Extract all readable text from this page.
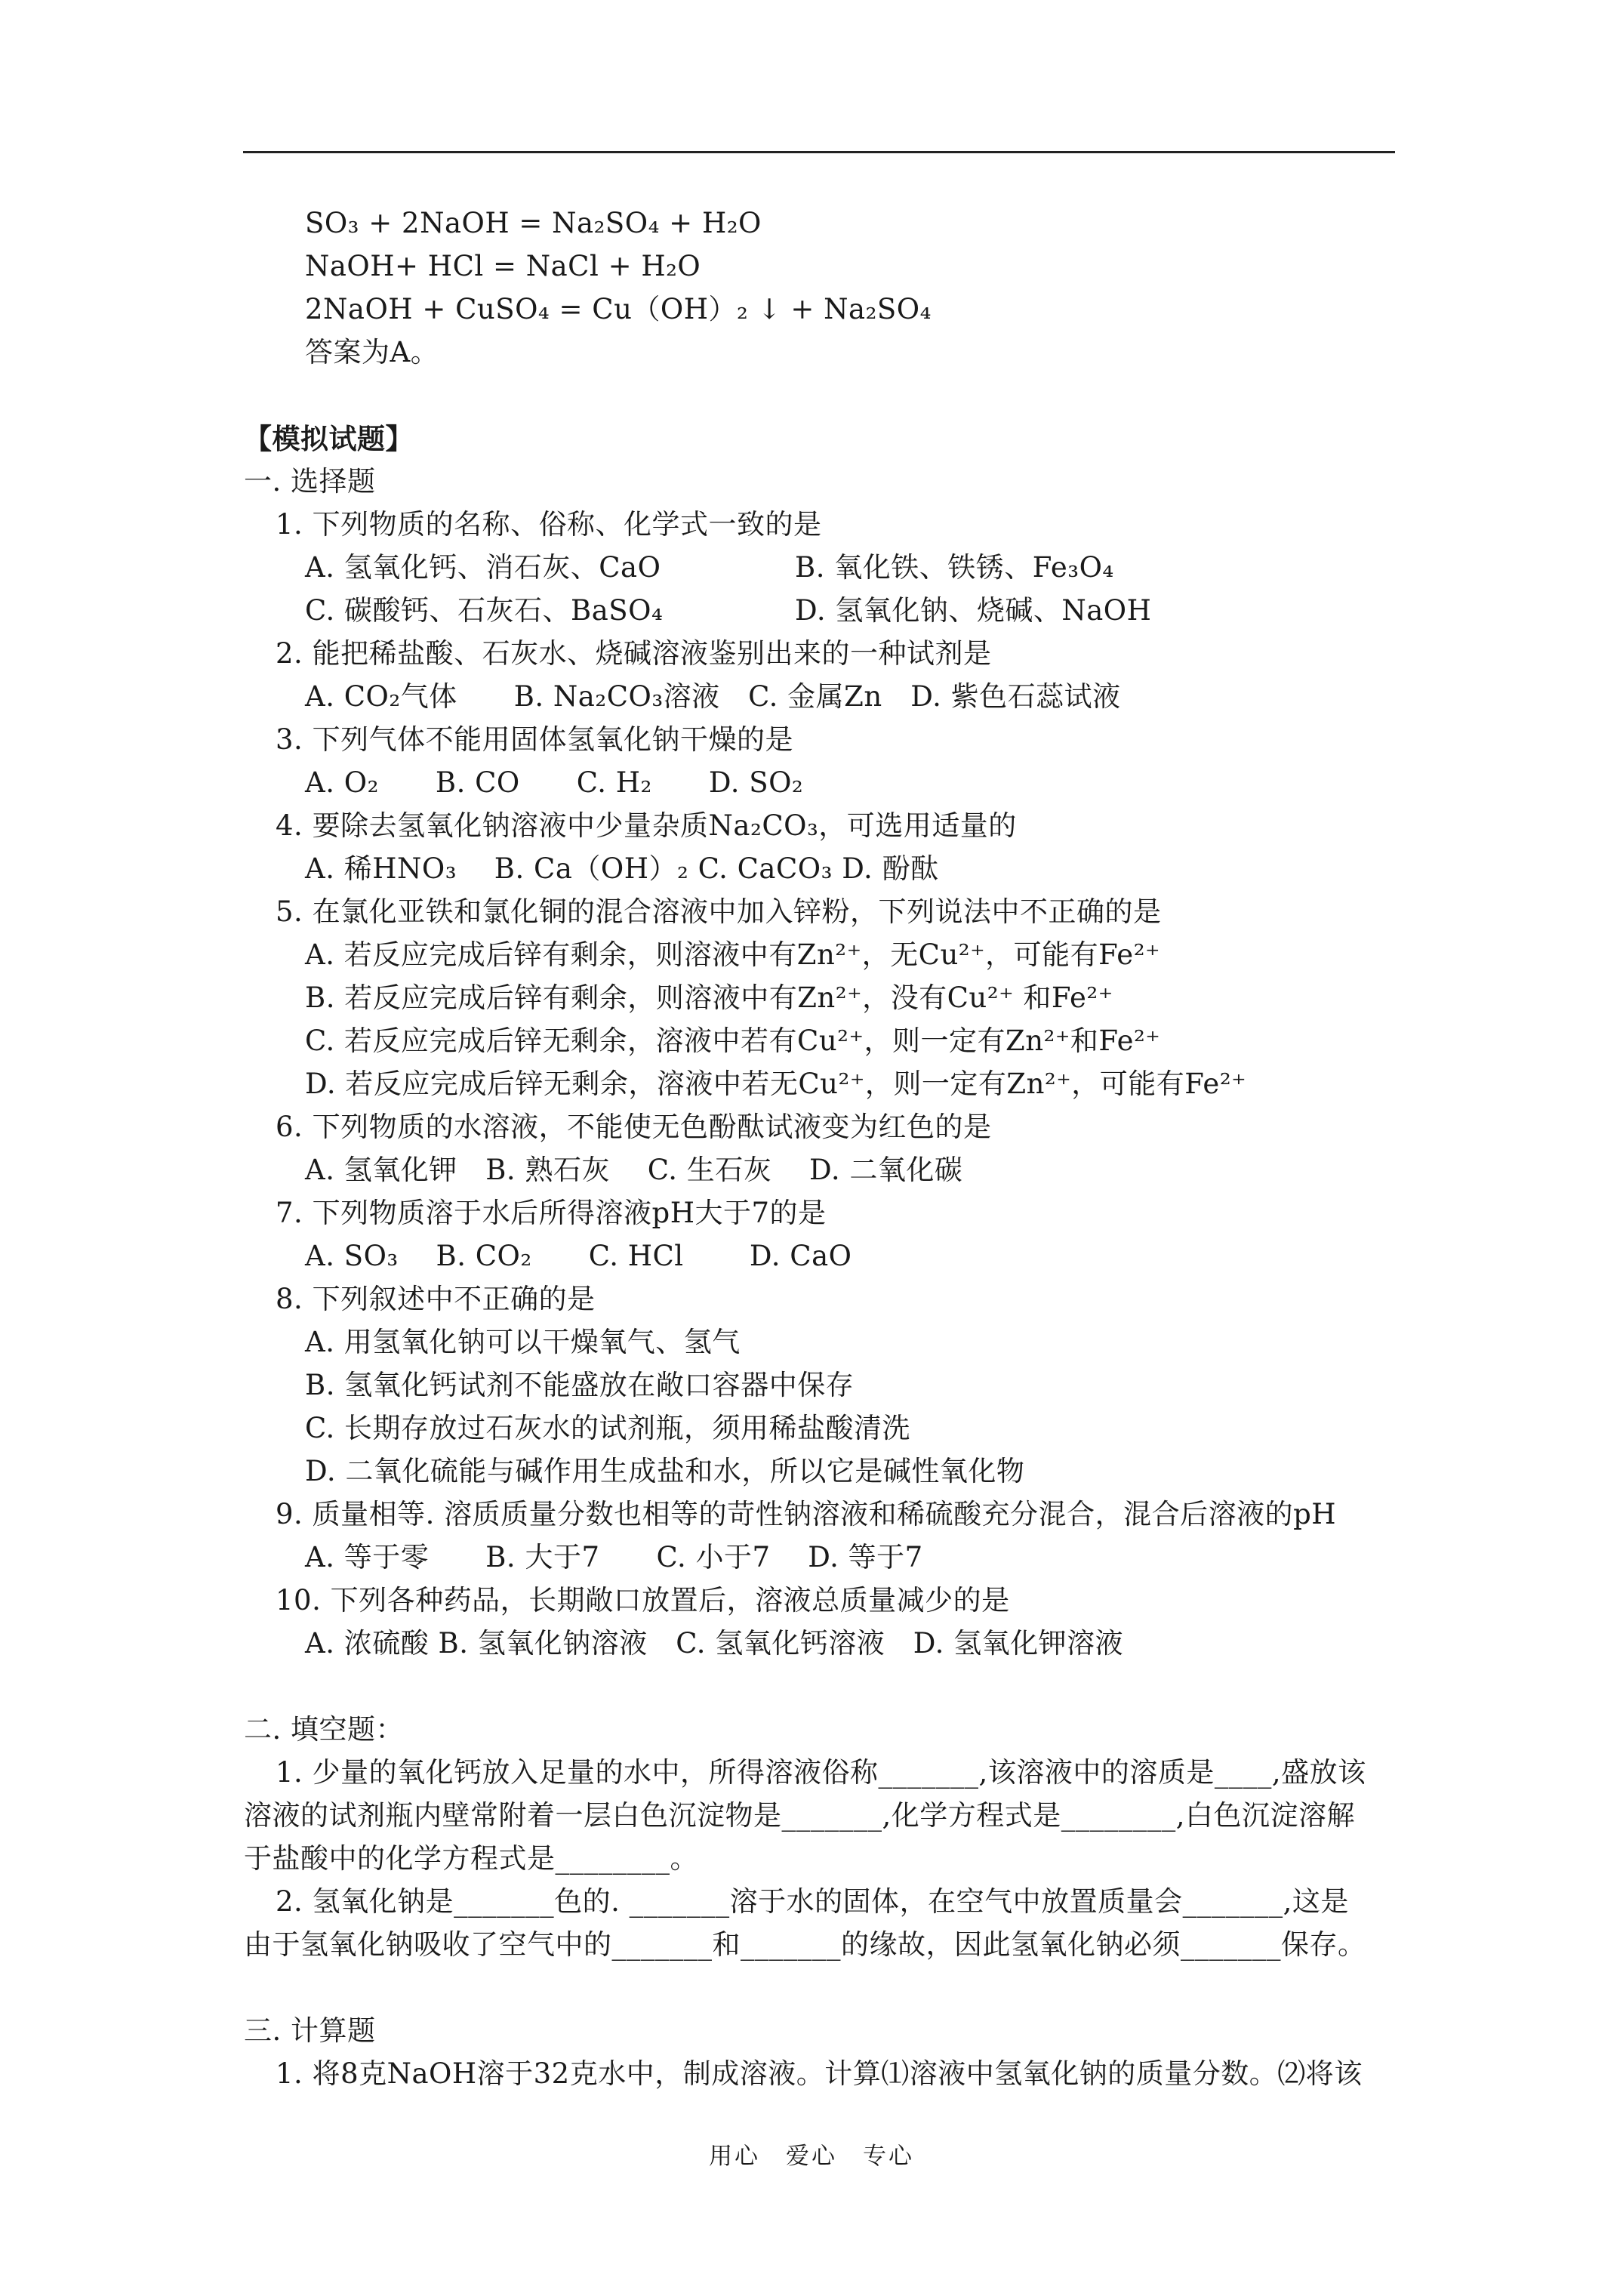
SO₃ + 2NaOH = Na₂SO₄ + H₂O
NaOH+ HCl = NaCl + H₂O
2NaOH + CuSO₄ = Cu（OH）₂ ↓ + Na₂SO₄
答案为A。
【模拟试题】
一. 选择题
1. 下列物质的名称、俗称、化学式一致的是
A. 氢氧化钙、消石灰、CaO	B. 氧化铁、铁锈、Fe₃O₄
C. 碳酸钙、石灰石、BaSO₄	D. 氢氧化钠、烧碱、NaOH
2. 能把稀盐酸、石灰水、烧碱溶液鉴别出来的一种试剂是
A. CO₂气体　　B. Na₂CO₃溶液　C. 金属Zn　D. 紫色石蕊试液
3. 下列气体不能用固体氢氧化钠干燥的是
A. O₂　　B. CO　　C. H₂　　D. SO₂
4. 要除去氢氧化钠溶液中少量杂质Na₂CO₃，可选用适量的
A. 稀HNO₃　 B. Ca（OH）₂ C. CaCO₃ D. 酚酞
5. 在氯化亚铁和氯化铜的混合溶液中加入锌粉，下列说法中不正确的是
A. 若反应完成后锌有剩余，则溶液中有Zn²⁺，无Cu²⁺，可能有Fe²⁺
B. 若反应完成后锌有剩余，则溶液中有Zn²⁺，没有Cu²⁺ 和Fe²⁺
C. 若反应完成后锌无剩余，溶液中若有Cu²⁺，则一定有Zn²⁺和Fe²⁺
D. 若反应完成后锌无剩余，溶液中若无Cu²⁺，则一定有Zn²⁺，可能有Fe²⁺
6. 下列物质的水溶液，不能使无色酚酞试液变为红色的是
A. 氢氧化钾　B. 熟石灰　 C. 生石灰　 D. 二氧化碳
7. 下列物质溶于水后所得溶液pH大于7的是
A. SO₃　 B. CO₂　　C. HCl　　 D. CaO
8. 下列叙述中不正确的是
A. 用氢氧化钠可以干燥氧气、氢气
B. 氢氧化钙试剂不能盛放在敞口容器中保存
C. 长期存放过石灰水的试剂瓶，须用稀盐酸清洗
D. 二氧化硫能与碱作用生成盐和水，所以它是碱性氧化物
9. 质量相等. 溶质质量分数也相等的苛性钠溶液和稀硫酸充分混合，混合后溶液的pH
A. 等于零　　B. 大于7　　C. 小于7　 D. 等于7
10. 下列各种药品，长期敞口放置后，溶液总质量减少的是
A. 浓硫酸 B. 氢氧化钠溶液　C. 氢氧化钙溶液　D. 氢氧化钾溶液
二. 填空题：
1. 少量的氧化钙放入足量的水中，所得溶液俗称_______,该溶液中的溶质是____,盛放该
溶液的试剂瓶内壁常附着一层白色沉淀物是_______,化学方程式是________,白色沉淀溶解
于盐酸中的化学方程式是________。
2. 氢氧化钠是_______色的. _______溶于水的固体，在空气中放置质量会_______,这是
由于氢氧化钠吸收了空气中的_______和_______的缘故，因此氢氧化钠必须_______保存。
三. 计算题
1. 将8克NaOH溶于32克水中，制成溶液。计算⑴溶液中氢氧化钠的质量分数。⑵将该
用心　爱心　专心
